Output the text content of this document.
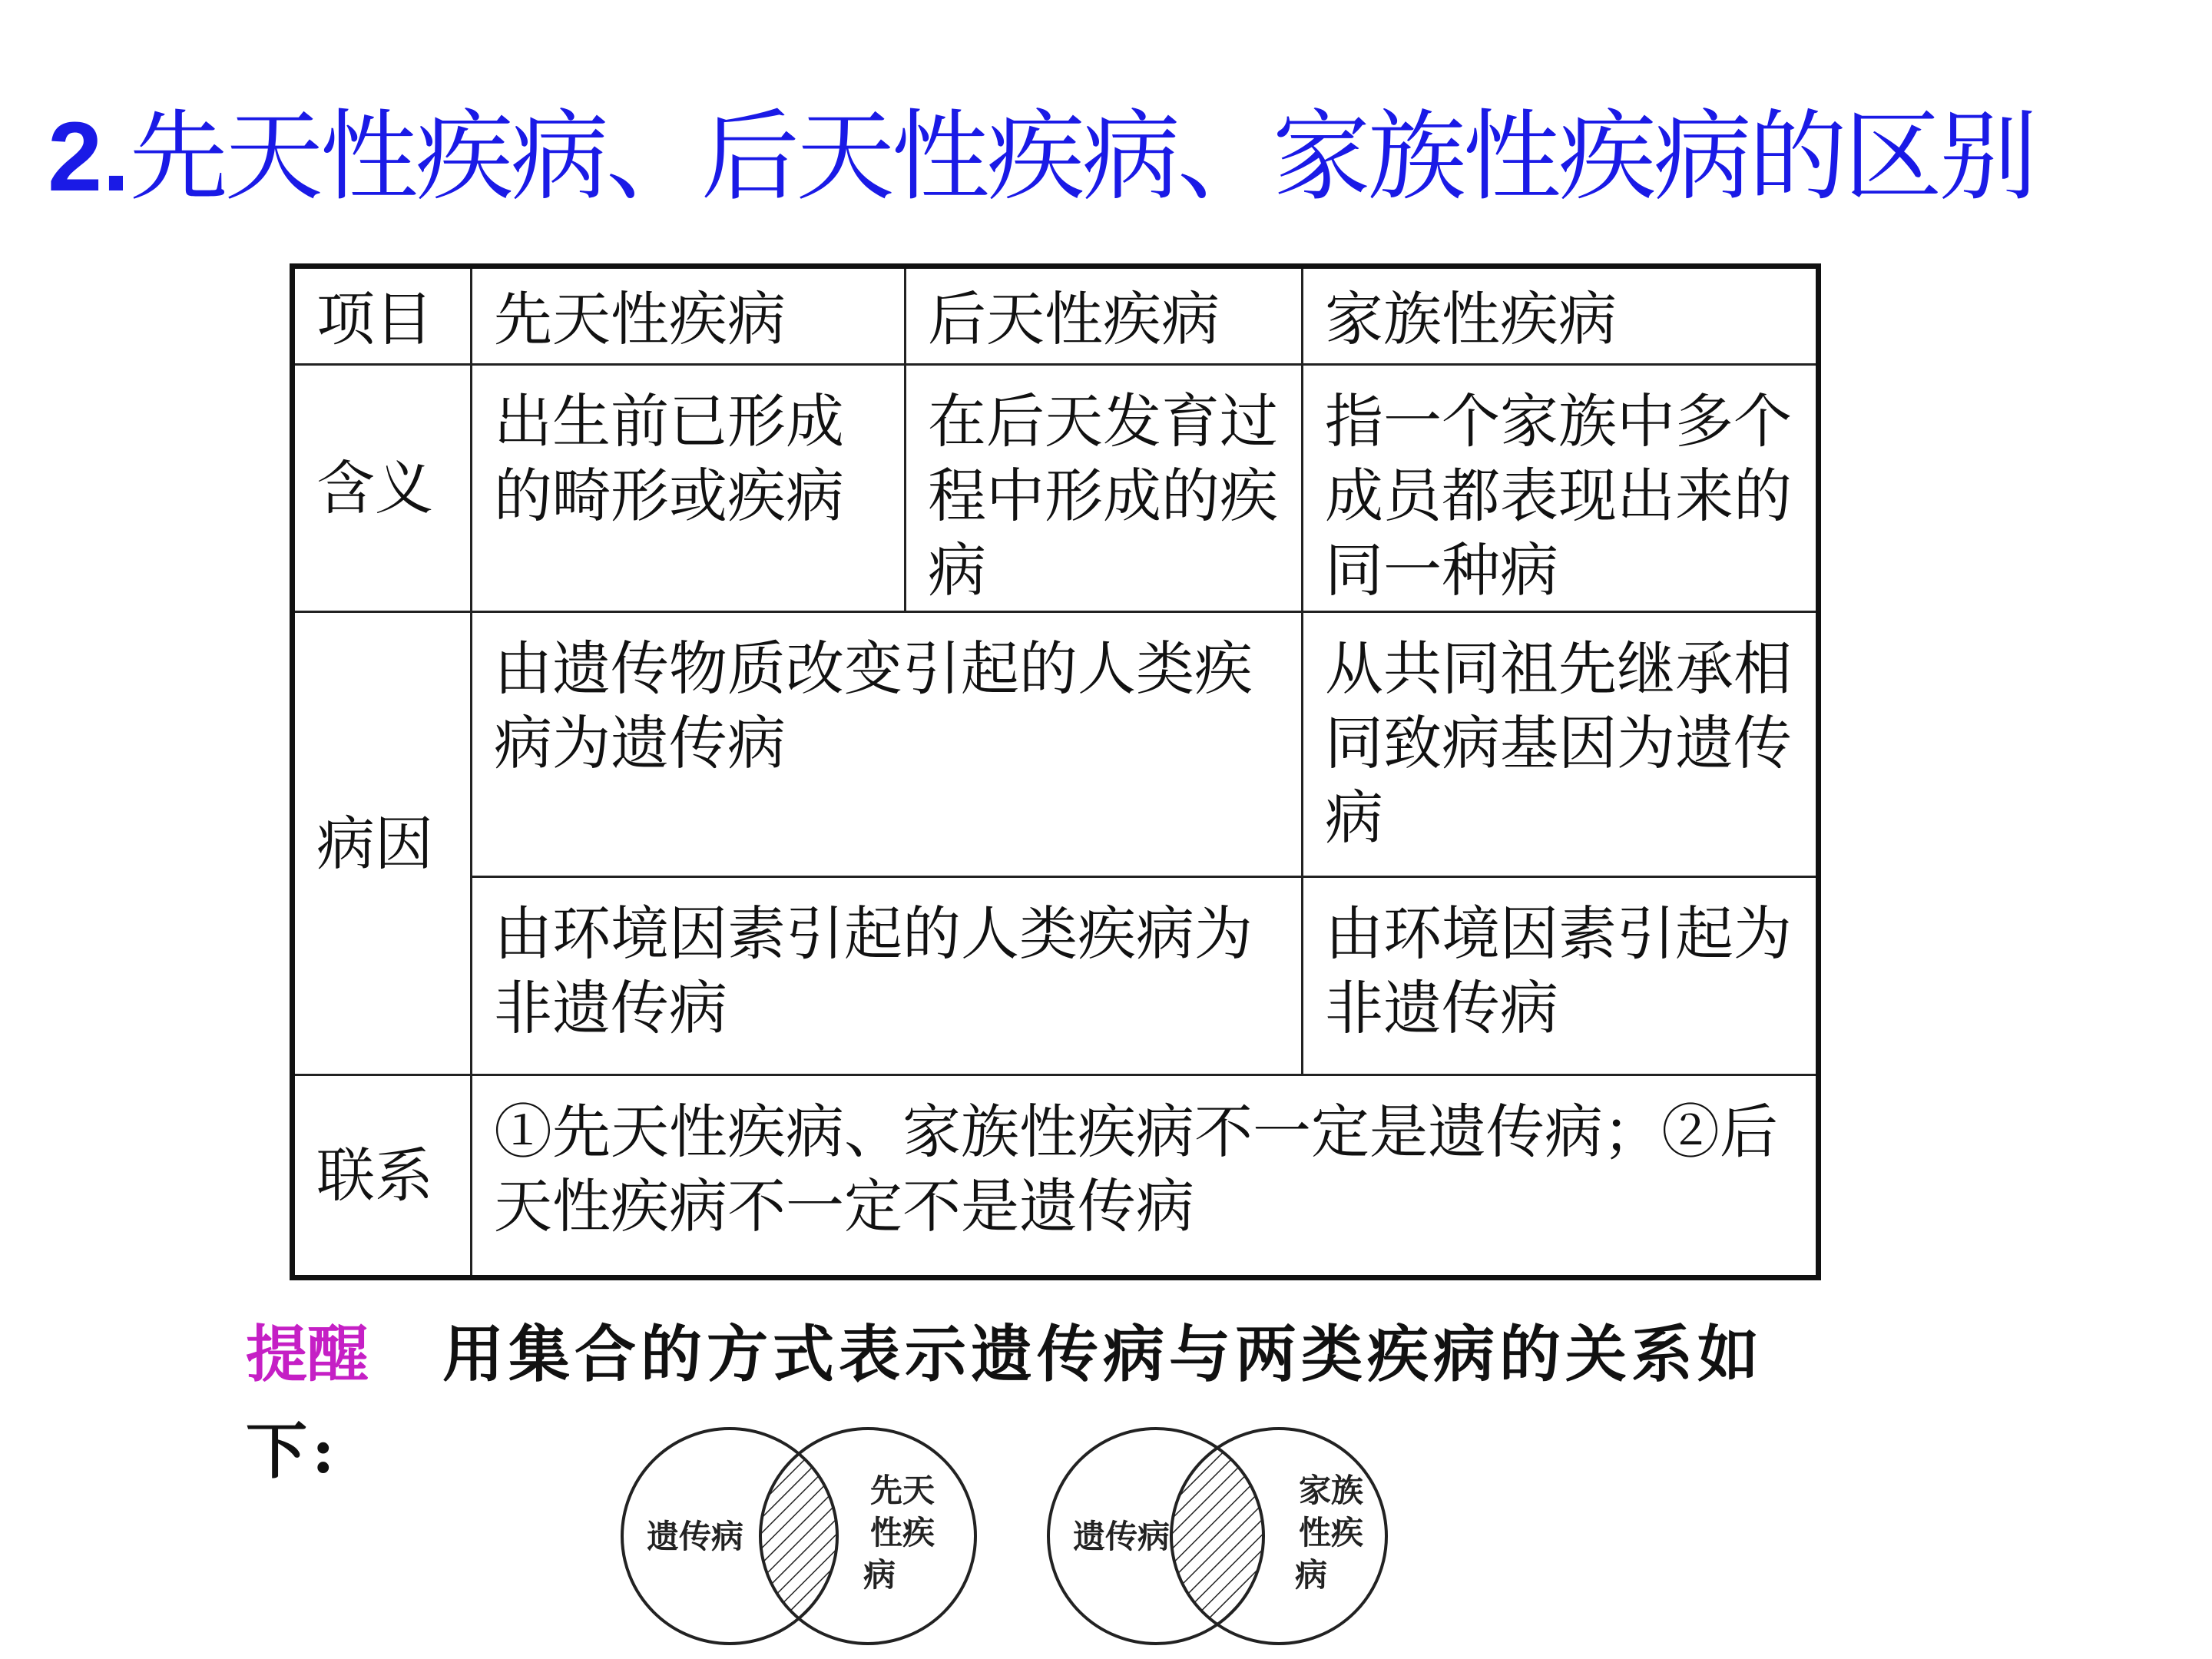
2.先天性疾病、后天性疾病、家族性疾病的区别
项目	先天性疾病	后天性疾病	家族性疾病
含义	出生前已形成的畸形或疾病	在后天发育过程中形成的疾病	指一个家族中多个成员都表现出来的同一种病
病因	由遗传物质改变引起的人类疾病为遗传病		从共同祖先继承相同致病基因为遗传病
	由环境因素引起的人类疾病为非遗传病		由环境因素引起为非遗传病
联系	①先天性疾病、家族性疾病不一定是遗传病；②后天性疾病不一定不是遗传病		
提醒 用集合的方式表示遗传病与两类疾病的关系如下:
遗传病
先天
性疾
病
遗传病
家族
性疾
病
